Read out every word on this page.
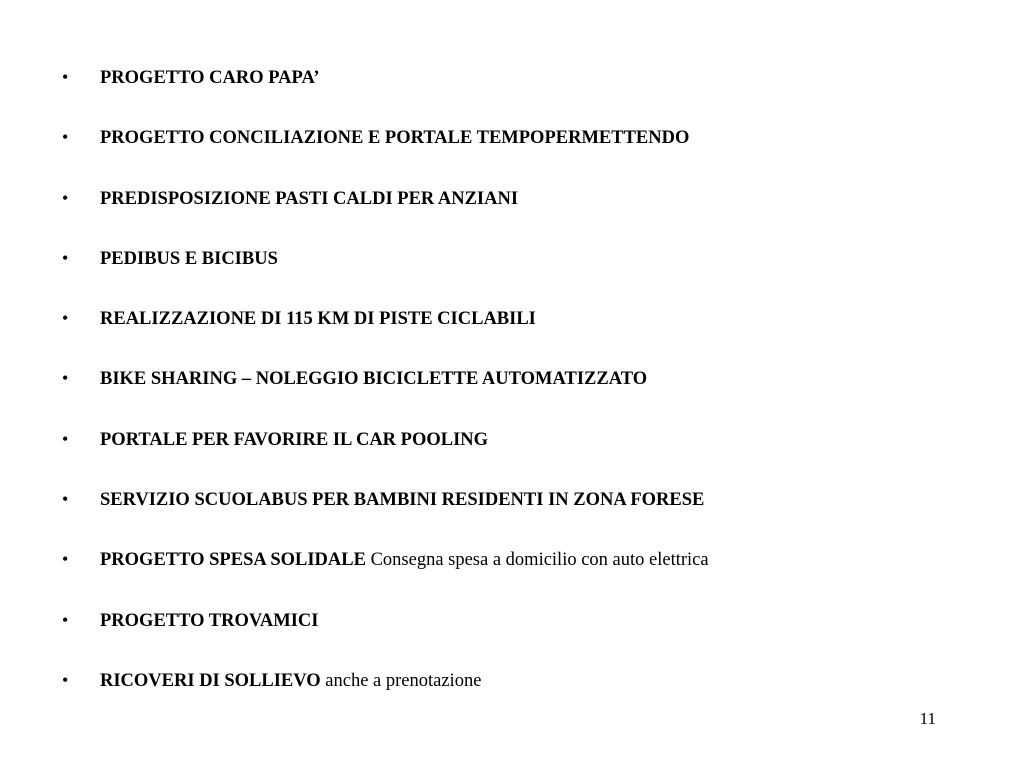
•	PROGETTO CARO PAPA’
•	PROGETTO CONCILIAZIONE E PORTALE TEMPOPERMETTENDO
•	PREDISPOSIZIONE PASTI CALDI PER ANZIANI
•	PEDIBUS E BICIBUS
•	REALIZZAZIONE DI 115 KM DI PISTE CICLABILI
•	BIKE SHARING – NOLEGGIO BICICLETTE AUTOMATIZZATO
•	PORTALE PER FAVORIRE IL CAR POOLING
•	SERVIZIO SCUOLABUS PER BAMBINI RESIDENTI IN ZONA FORESE
•	PROGETTO SPESA SOLIDALE Consegna spesa a domicilio con auto elettrica
•	PROGETTO TROVAMICI
•	RICOVERI DI SOLLIEVO anche a prenotazione
11
